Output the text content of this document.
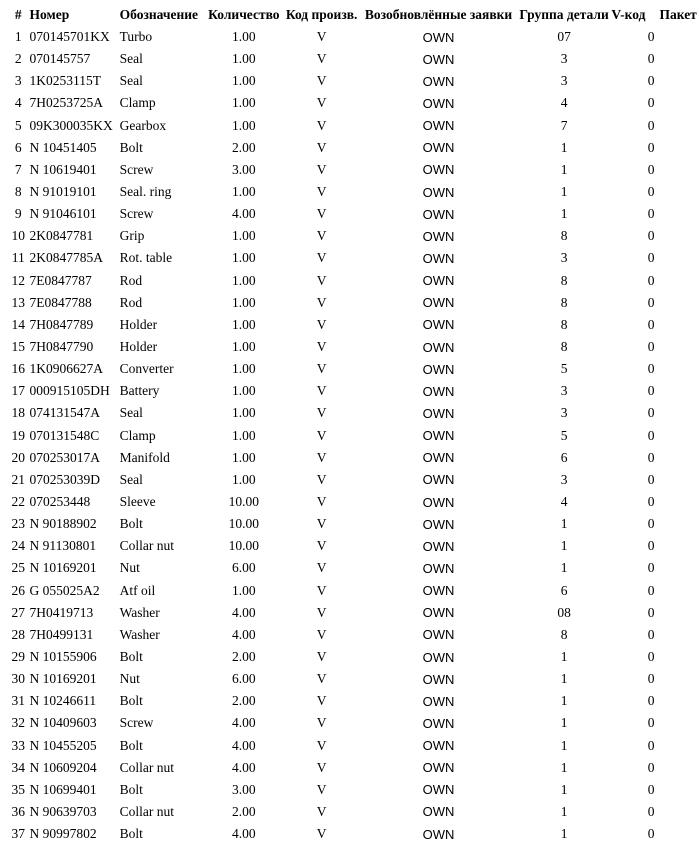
#	Номер	Обозначение	Количество	Код произв.	Возобновлённые заявки	Группа детали	V-код	Пакет
1	070145701KX	Turbo	1.00	V	OWN	07	0	
2	070145757	Seal	1.00	V	OWN	3	0	
3	1K0253115T	Seal	1.00	V	OWN	3	0	
4	7H0253725A	Clamp	1.00	V	OWN	4	0	
5	09K300035KX	Gearbox	1.00	V	OWN	7	0	
6	N 10451405	Bolt	2.00	V	OWN	1	0	
7	N 10619401	Screw	3.00	V	OWN	1	0	
8	N 91019101	Seal. ring	1.00	V	OWN	1	0	
9	N 91046101	Screw	4.00	V	OWN	1	0	
10	2K0847781	Grip	1.00	V	OWN	8	0	
11	2K0847785A	Rot. table	1.00	V	OWN	3	0	
12	7E0847787	Rod	1.00	V	OWN	8	0	
13	7E0847788	Rod	1.00	V	OWN	8	0	
14	7H0847789	Holder	1.00	V	OWN	8	0	
15	7H0847790	Holder	1.00	V	OWN	8	0	
16	1K0906627A	Converter	1.00	V	OWN	5	0	
17	000915105DH	Battery	1.00	V	OWN	3	0	
18	074131547A	Seal	1.00	V	OWN	3	0	
19	070131548C	Clamp	1.00	V	OWN	5	0	
20	070253017A	Manifold	1.00	V	OWN	6	0	
21	070253039D	Seal	1.00	V	OWN	3	0	
22	070253448	Sleeve	10.00	V	OWN	4	0	
23	N 90188902	Bolt	10.00	V	OWN	1	0	
24	N 91130801	Collar nut	10.00	V	OWN	1	0	
25	N 10169201	Nut	6.00	V	OWN	1	0	
26	G 055025A2	Atf oil	1.00	V	OWN	6	0	
27	7H0419713	Washer	4.00	V	OWN	08	0	
28	7H0499131	Washer	4.00	V	OWN	8	0	
29	N 10155906	Bolt	2.00	V	OWN	1	0	
30	N 10169201	Nut	6.00	V	OWN	1	0	
31	N 10246611	Bolt	2.00	V	OWN	1	0	
32	N 10409603	Screw	4.00	V	OWN	1	0	
33	N 10455205	Bolt	4.00	V	OWN	1	0	
34	N 10609204	Collar nut	4.00	V	OWN	1	0	
35	N 10699401	Bolt	3.00	V	OWN	1	0	
36	N 90639703	Collar nut	2.00	V	OWN	1	0	
37	N 90997802	Bolt	4.00	V	OWN	1	0	
